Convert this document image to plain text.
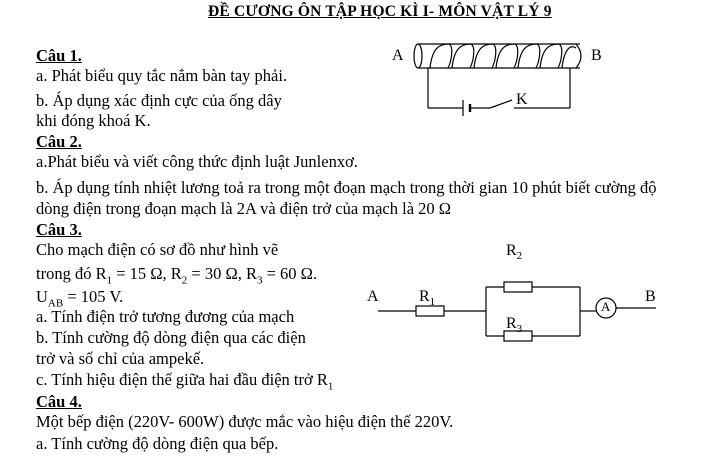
ĐỀ CƯƠNG ÔN TẬP HỌC KÌ I- MÔN VẬT LÝ 9
Câu 1.
a. Phát biểu quy tắc nắm bàn tay phải.
b. Áp dụng xác định cực của ống dây
khi đóng khoá K.
Câu 2.
a.Phát biểu và viết công thức định luật Junlenxơ.
b. Áp dụng tính nhiệt lương toả ra trong một đoạn mạch trong thời gian 10 phút biết cường độ
dòng điện trong đoạn mạch là 2A và điện trở của mạch là 20 Ω
Câu 3.
Cho mạch điện có sơ đồ như hình vẽ
trong đó $R_1 = 15$ Ω, $R_2 = 30$ Ω, $R_3 = 60$ Ω.
$U_{AB} = 105$ V.
a. Tính điện trở tương đương của mạch
b. Tính cường độ dòng điện qua các điện
trở và số chỉ của ampekế.
c. Tính hiệu điện thế giữa hai đầu điện trở $R_1$
Câu 4.
Một bếp điện (220V- 600W) được mắc vào hiệu điện thế 220V.
a. Tính cường độ dòng điện qua bếp.
A	B
K
A	B
$R_1$
$R_2$
$R_3$
A
